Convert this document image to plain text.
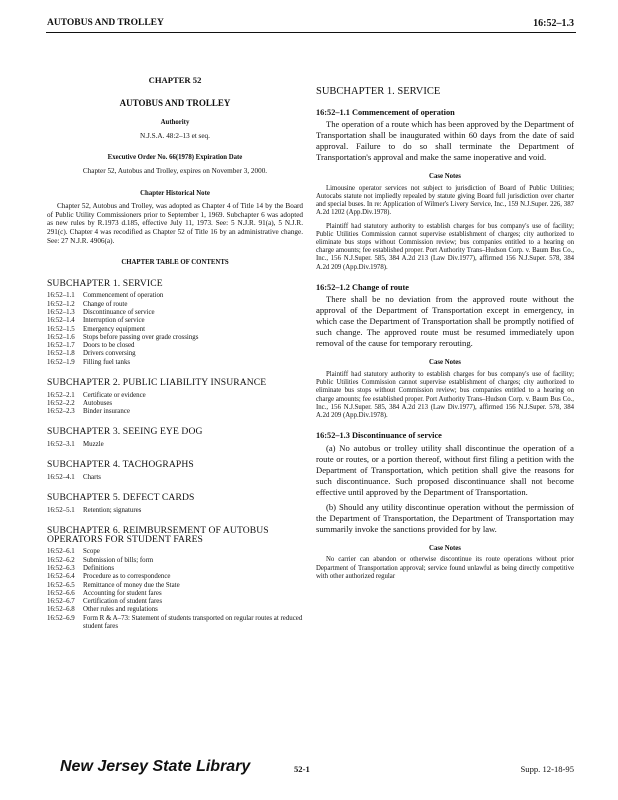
AUTOBUS AND TROLLEY	16:52–1.3
CHAPTER 52
AUTOBUS AND TROLLEY
Authority
N.J.S.A. 48:2–13 et seq.
Executive Order No. 66(1978) Expiration Date
Chapter 52, Autobus and Trolley, expires on November 3, 2000.
Chapter Historical Note
Chapter 52, Autobus and Trolley, was adopted as Chapter 4 of Title 14 by the Board of Public Utility Commissioners prior to September 1, 1969. Subchapter 6 was adopted as new rules by R.1973 d.185, effective July 11, 1973. See: 5 N.J.R. 91(a), 5 N.J.R. 291(c). Chapter 4 was recodified as Chapter 52 of Title 16 by an administrative change. See: 27 N.J.R. 4906(a).
CHAPTER TABLE OF CONTENTS
SUBCHAPTER 1. SERVICE
16:52–1.1	Commencement of operation
16:52–1.2	Change of route
16:52–1.3	Discontinuance of service
16:52–1.4	Interruption of service
16:52–1.5	Emergency equipment
16:52–1.6	Stops before passing over grade crossings
16:52–1.7	Doors to be closed
16:52–1.8	Drivers conversing
16:52–1.9	Filling fuel tanks
SUBCHAPTER 2. PUBLIC LIABILITY INSURANCE
16:52–2.1	Certificate or evidence
16:52–2.2	Autobuses
16:52–2.3	Binder insurance
SUBCHAPTER 3. SEEING EYE DOG
16:52–3.1	Muzzle
SUBCHAPTER 4. TACHOGRAPHS
16:52–4.1	Charts
SUBCHAPTER 5. DEFECT CARDS
16:52–5.1	Retention; signatures
SUBCHAPTER 6. REIMBURSEMENT OF AUTOBUS OPERATORS FOR STUDENT FARES
16:52–6.1	Scope
16:52–6.2	Submission of bills; form
16:52–6.3	Definitions
16:52–6.4	Procedure as to correspondence
16:52–6.5	Remittance of money due the State
16:52–6.6	Accounting for student fares
16:52–6.7	Certification of student fares
16:52–6.8	Other rules and regulations
16:52–6.9	Form R & A–73: Statement of students transported on regular routes at reduced student fares
SUBCHAPTER 1. SERVICE
16:52–1.1 Commencement of operation

The operation of a route which has been approved by the Department of Transportation shall be inaugurated within 60 days from the date of said approval. Failure to do so shall terminate the Department of Transportation's approval and make the same inoperative and void.

Case Notes

Limousine operator services not subject to jurisdiction of Board of Public Utilities; Autocabs statute not impliedly repealed by statute giving Board full jurisdiction over charter and special buses. In re: Application of Wilmer's Livery Service, Inc., 159 N.J.Super. 226, 387 A.2d 1202 (App.Div.1978).

Plaintiff had statutory authority to establish charges for bus company's use of facility; Public Utilities Commission cannot supervise establishment of charges; city authorized to eliminate bus stops without Commission review; bus companies entitled to a hearing on charge amounts; fee established proper. Port Authority Trans–Hudson Corp. v. Baum Bus Co., Inc., 156 N.J.Super. 585, 384 A.2d 213 (Law Div.1977), affirmed 156 N.J.Super. 578, 384 A.2d 209 (App.Div.1978).

16:52–1.2 Change of route

There shall be no deviation from the approved route without the approval of the Department of Transportation except in emergency, in which case the Department of Transportation shall be promptly notified of such change. The approved route must be resumed immediately upon removal of the cause for temporary rerouting.

Case Notes

Plaintiff had statutory authority to establish charges for bus company's use of facility; Public Utilities Commission cannot supervise establishment of charges; city authorized to eliminate bus stops without Commission review; bus companies entitled to a hearing on charge amounts; fee established proper. Port Authority Trans–Hudson Corp. v. Baum Bus Co., Inc., 156 N.J.Super. 585, 384 A.2d 213 (Law Div.1977), affirmed 156 N.J.Super. 578, 384 A.2d 209 (App.Div.1978).

16:52–1.3 Discontinuance of service

(a) No autobus or trolley utility shall discontinue the operation of a route or routes, or a portion thereof, without first filing a petition with the Department of Transportation, which petition shall give the reasons for such discontinuance. Such proposed discontinuance shall not become effective until approved by the Department of Transportation.

(b) Should any utility discontinue operation without the permission of the Department of Transportation, the Department of Transportation may summarily invoke the sanctions provided for by law.

Case Notes

No carrier can abandon or otherwise discontinue its route operations without prior Department of Transportation approval; service found unlawful as being directly competitive with other authorized regular

New Jersey State Library	52-1	Supp. 12-18-95
